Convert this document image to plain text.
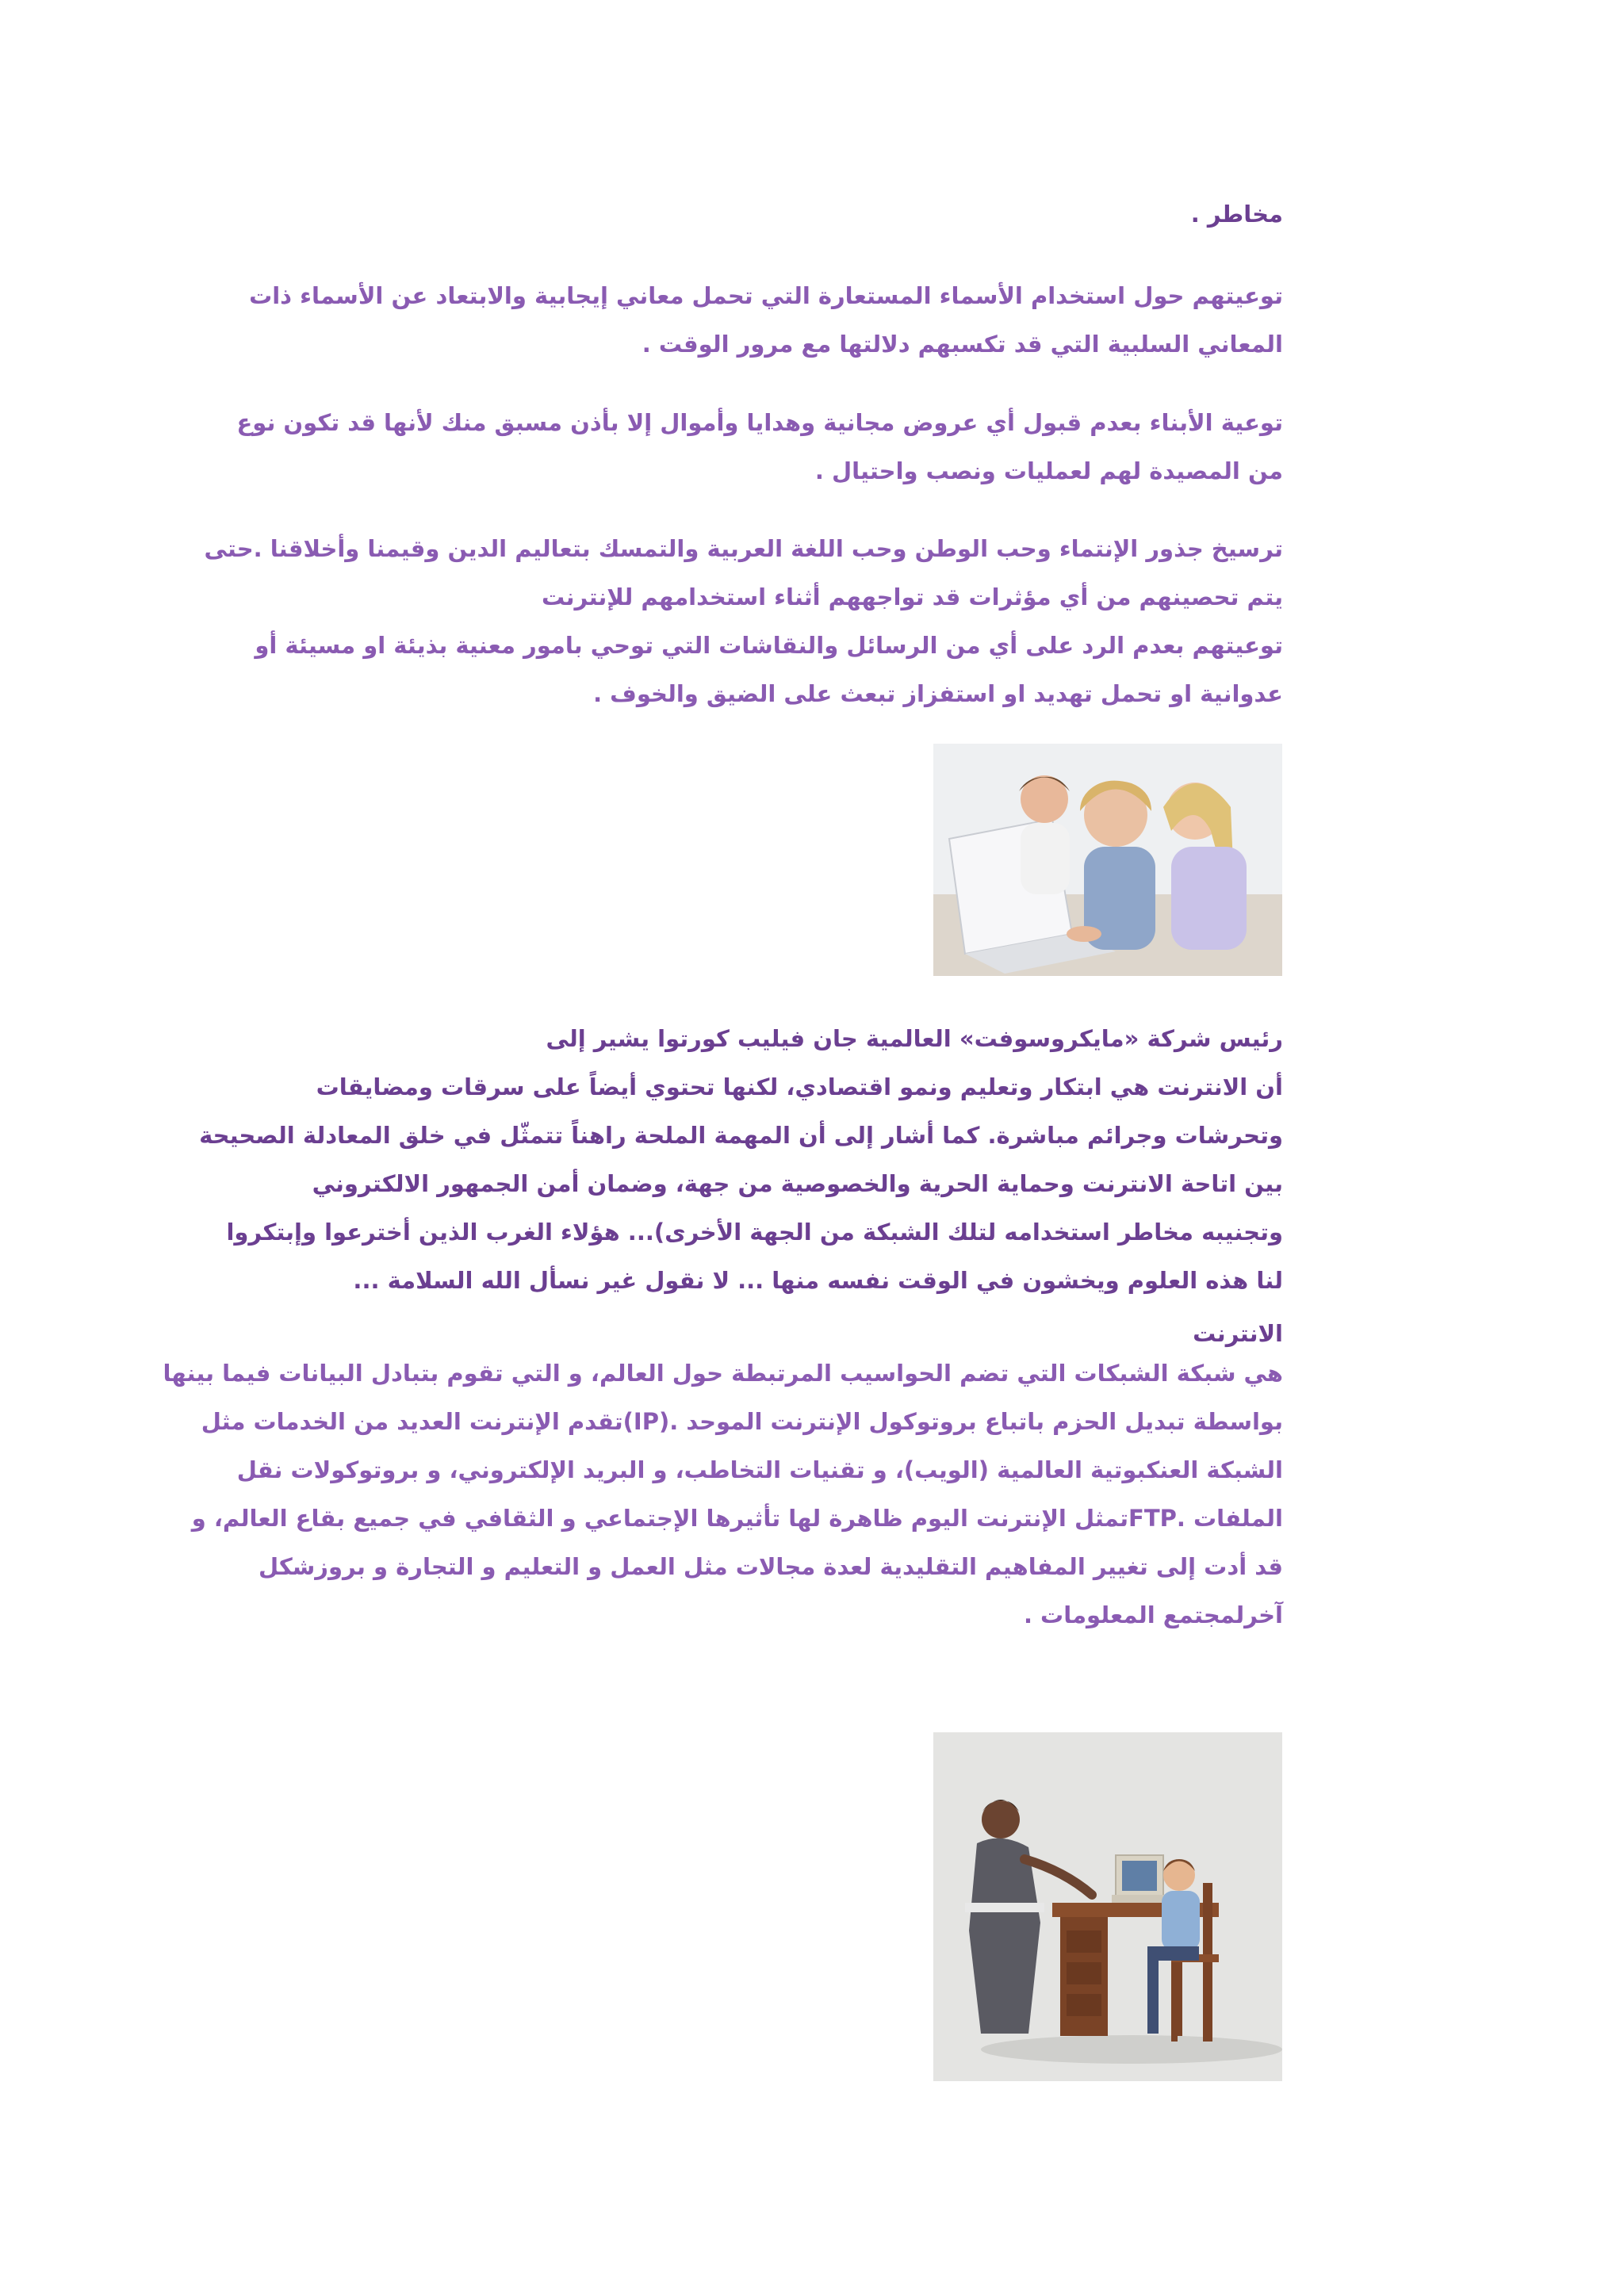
مخاطر .

توعيتهم حول استخدام الأسماء المستعارة التي تحمل معاني إيجابية والابتعاد عن الأسماء ذات
المعاني السلبية التي قد تكسبهم دلالتها مع مرور الوقت .

توعية الأبناء بعدم قبول أي عروض مجانية وهدايا وأموال إلا بأذن مسبق منك لأنها قد تكون نوع
من المصيدة لهم لعمليات ونصب واحتيال .

ترسيخ جذور الإنتماء وحب الوطن وحب اللغة العربية والتمسك بتعاليم الدين وقيمنا وأخلاقنا .حتى
يتم تحصينهم من أي مؤثرات قد تواجههم أثناء استخدامهم للإنترنت
توعيتهم بعدم الرد على أي من الرسائل والنقاشات التي توحي بامور معنية بذيئة او مسيئة أو
عدوانية او تحمل تهديد او استفزاز تبعث على الضيق والخوف .

رئيس شركة «مايكروسوفت» العالمية جان فيليب كورتوا يشير إلى
أن الانترنت هي ابتكار وتعليم ونمو اقتصادي، لكنها تحتوي أيضاً على سرقات ومضايقات
وتحرشات وجرائم مباشرة. كما أشار إلى أن المهمة الملحة راهناً تتمثّل في خلق المعادلة الصحيحة
بين اتاحة الانترنت وحماية الحرية والخصوصية من جهة، وضمان أمن الجمهور الالكتروني
وتجنيبه مخاطر استخدامه لتلك الشبكة من الجهة الأخرى)... هؤلاء الغرب الذين أخترعوا وإبتكروا
لنا هذه العلوم ويخشون في الوقت نفسه منها ... لا نقول غير نسأل الله السلامة ...

الانترنت

هي شبكة الشبكات التي تضم الحواسيب المرتبطة حول العالم، و التي تقوم بتبادل البيانات فيما بينها
بواسطة تبديل الحزم باتباع بروتوكول الإنترنت الموحد .(IP)تقدم الإنترنت العديد من الخدمات مثل
الشبكة العنكبوتية العالمية (الويب)، و تقنيات التخاطب، و البريد الإلكتروني، و بروتوكولات نقل
الملفات .FTPتمثل الإنترنت اليوم ظاهرة لها تأثيرها الإجتماعي و الثقافي في جميع بقاع العالم، و
قد أدت إلى تغيير المفاهيم التقليدية لعدة مجالات مثل العمل و التعليم و التجارة و بروزشكل
آخرلمجتمع المعلومات .
